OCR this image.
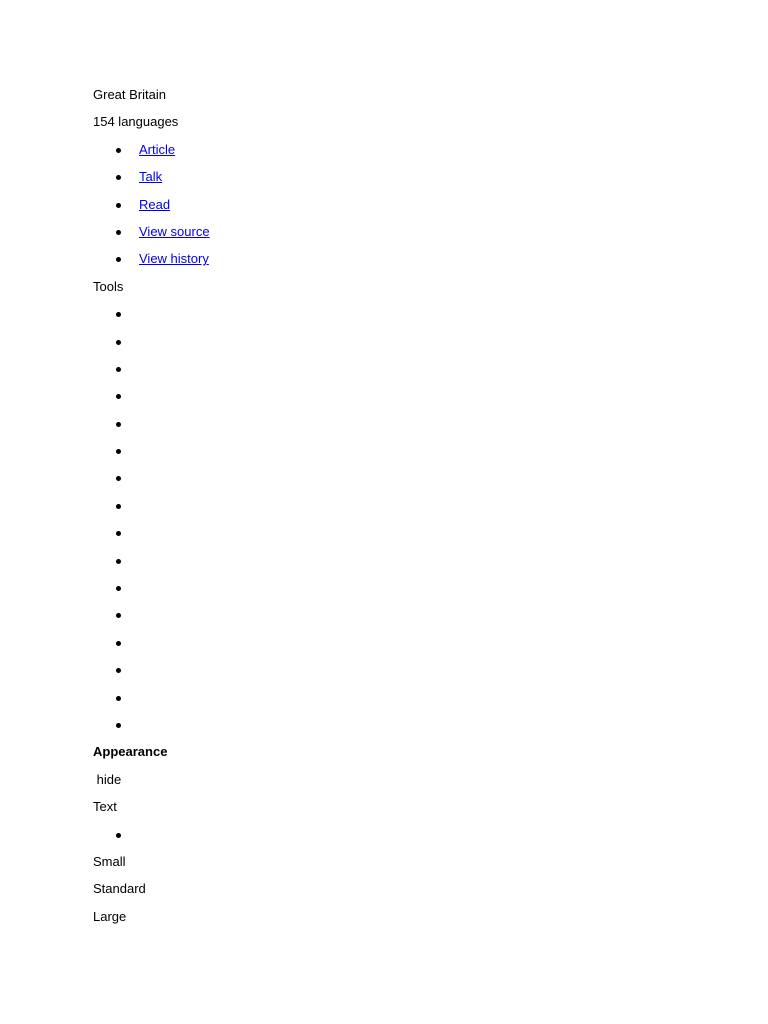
Great Britain
154 languages
Article
Talk
Read
View source
View history
Tools
Appearance
hide
Text
Small
Standard
Large
